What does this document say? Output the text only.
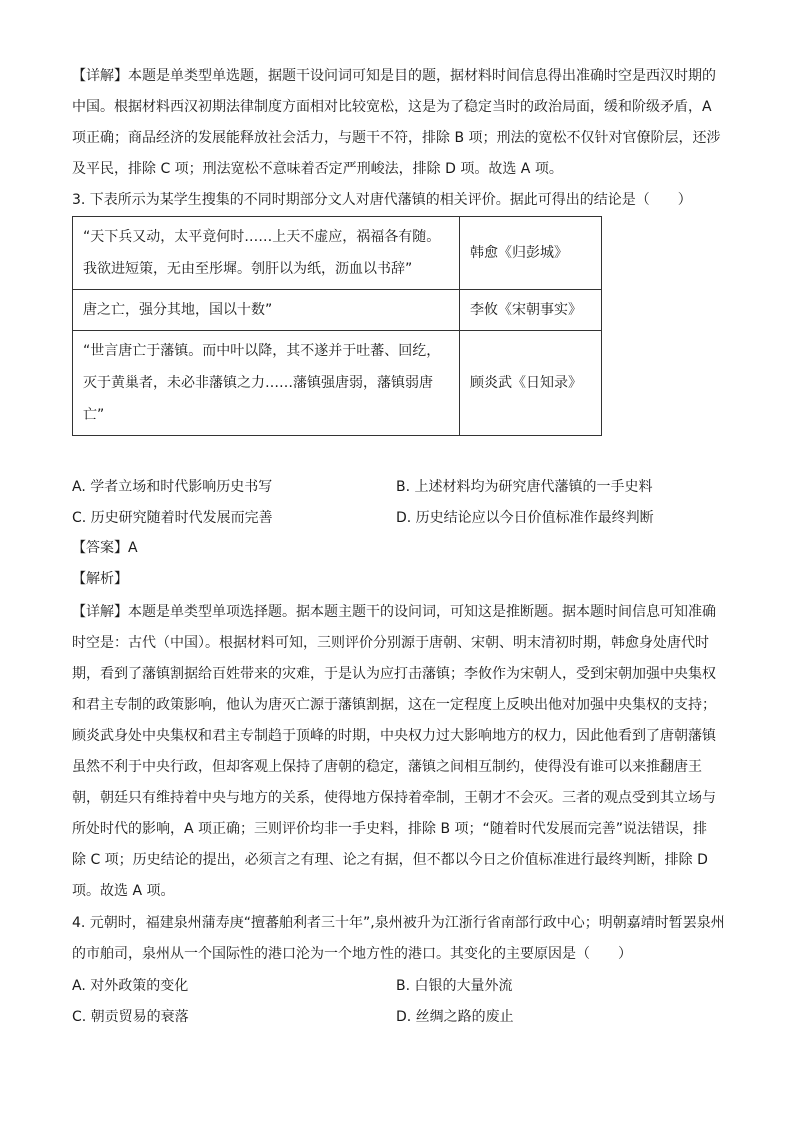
【详解】本题是单类型单选题，据题干设问词可知是目的题，据材料时间信息得出准确时空是西汉时期的
中国。根据材料西汉初期法律制度方面相对比较宽松，这是为了稳定当时的政治局面，缓和阶级矛盾，A
项正确；商品经济的发展能释放社会活力，与题干不符，排除 B 项；刑法的宽松不仅针对官僚阶层，还涉
及平民，排除 C 项；刑法宽松不意味着否定严刑峻法，排除 D 项。故选 A 项。
3. 下表所示为某学生搜集的不同时期部分文人对唐代藩镇的相关评价。据此可得出的结论是（　　）
“天下兵又动，太平竟何时……上天不虚应，祸福各有随。我欲进短策，无由至彤墀。刳肝以为纸，沥血以书辞”	韩愈《归彭城》
唐之亡，强分其地，国以十数”	李攸《宋朝事实》
“世言唐亡于藩镇。而中叶以降，其不遂并于吐蕃、回纥，灭于黄巢者，未必非藩镇之力……藩镇强唐弱，藩镇弱唐亡”	顾炎武《日知录》
A. 学者立场和时代影响历史书写	B. 上述材料均为研究唐代藩镇的一手史料
C. 历史研究随着时代发展而完善	D. 历史结论应以今日价值标准作最终判断
【答案】A
【解析】
【详解】本题是单类型单项选择题。据本题主题干的设问词，可知这是推断题。据本题时间信息可知准确
时空是：古代（中国）。根据材料可知，三则评价分别源于唐朝、宋朝、明末清初时期，韩愈身处唐代时
期，看到了藩镇割据给百姓带来的灾难，于是认为应打击藩镇；李攸作为宋朝人，受到宋朝加强中央集权
和君主专制的政策影响，他认为唐灭亡源于藩镇割据，这在一定程度上反映出他对加强中央集权的支持；
顾炎武身处中央集权和君主专制趋于顶峰的时期，中央权力过大影响地方的权力，因此他看到了唐朝藩镇
虽然不利于中央行政，但却客观上保持了唐朝的稳定，藩镇之间相互制约，使得没有谁可以来推翻唐王
朝，朝廷只有维持着中央与地方的关系，使得地方保持着牵制，王朝才不会灭。三者的观点受到其立场与
所处时代的影响，A 项正确；三则评价均非一手史料，排除 B 项；“随着时代发展而完善”说法错误，排
除 C 项；历史结论的提出，必须言之有理、论之有据，但不都以今日之价值标准进行最终判断，排除 D
项。故选 A 项。
4. 元朝时，福建泉州蒲寿庚“擅蕃舶利者三十年”,泉州被升为江浙行省南部行政中心；明朝嘉靖时暂罢泉州
的市舶司，泉州从一个国际性的港口沦为一个地方性的港口。其变化的主要原因是（　　）
A. 对外政策的变化	B. 白银的大量外流
C. 朝贡贸易的衰落	D. 丝绸之路的废止
